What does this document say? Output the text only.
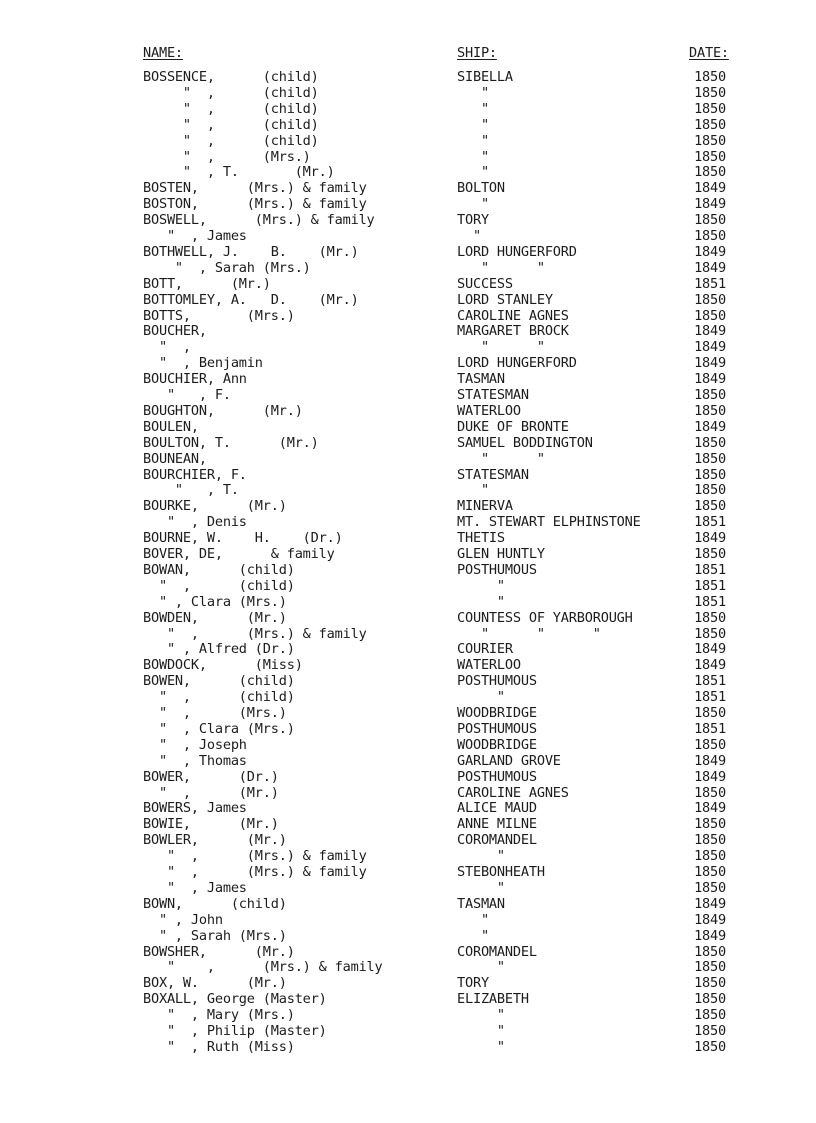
NAME:	SHIP:	DATE:
BOSSENCE,      (child)	SIBELLA	1850
"  ,      (child)	"	1850
"  ,      (child)	"	1850
"  ,      (child)	"	1850
"  ,      (child)	"	1850
"  ,      (Mrs.)	"	1850
"  , T.       (Mr.)	"	1850
BOSTEN,      (Mrs.) & family	BOLTON	1849
BOSTON,      (Mrs.) & family	"	1849
BOSWELL,      (Mrs.) & family	TORY	1850
"  , James	"	1850
BOTHWELL, J.    B.    (Mr.)	LORD HUNGERFORD	1849
"  , Sarah (Mrs.)	"      "	1849
BOTT,      (Mr.)	SUCCESS	1851
BOTTOMLEY, A.   D.    (Mr.)	LORD STANLEY	1850
BOTTS,       (Mrs.)	CAROLINE AGNES	1850
BOUCHER,	MARGARET BROCK	1849
"  ,	"      "	1849
"  , Benjamin	LORD HUNGERFORD	1849
BOUCHIER, Ann	TASMAN	1849
"   , F.	STATESMAN	1850
BOUGHTON,      (Mr.)	WATERLOO	1850
BOULEN,	DUKE OF BRONTE	1849
BOULTON, T.      (Mr.)	SAMUEL BODDINGTON	1850
BOUNEAN,	"      "	1850
BOURCHIER, F.	STATESMAN	1850
"   , T.	"	1850
BOURKE,      (Mr.)	MINERVA	1850
"  , Denis	MT. STEWART ELPHINSTONE	1851
BOURNE, W.    H.    (Dr.)	THETIS	1849
BOVER, DE,      & family	GLEN HUNTLY	1850
BOWAN,      (child)	POSTHUMOUS	1851
"  ,      (child)	"	1851
" , Clara (Mrs.)	"	1851
BOWDEN,      (Mr.)	COUNTESS OF YARBOROUGH	1850
"  ,      (Mrs.) & family	"      "      "	1850
" , Alfred (Dr.)	COURIER	1849
BOWDOCK,      (Miss)	WATERLOO	1849
BOWEN,      (child)	POSTHUMOUS	1851
"  ,      (child)	"	1851
"  ,      (Mrs.)	WOODBRIDGE	1850
"  , Clara (Mrs.)	POSTHUMOUS	1851
"  , Joseph	WOODBRIDGE	1850
"  , Thomas	GARLAND GROVE	1849
BOWER,      (Dr.)	POSTHUMOUS	1849
"  ,      (Mr.)	CAROLINE AGNES	1850
BOWERS, James	ALICE MAUD	1849
BOWIE,      (Mr.)	ANNE MILNE	1850
BOWLER,      (Mr.)	COROMANDEL	1850
"  ,      (Mrs.) & family	"	1850
"  ,      (Mrs.) & family	STEBONHEATH	1850
"  , James	"	1850
BOWN,      (child)	TASMAN	1849
" , John	"	1849
" , Sarah (Mrs.)	"	1849
BOWSHER,      (Mr.)	COROMANDEL	1850
"    ,      (Mrs.) & family	"	1850
BOX, W.      (Mr.)	TORY	1850
BOXALL, George (Master)	ELIZABETH	1850
"  , Mary (Mrs.)	"	1850
"  , Philip (Master)	"	1850
"  , Ruth (Miss)	"	1850
